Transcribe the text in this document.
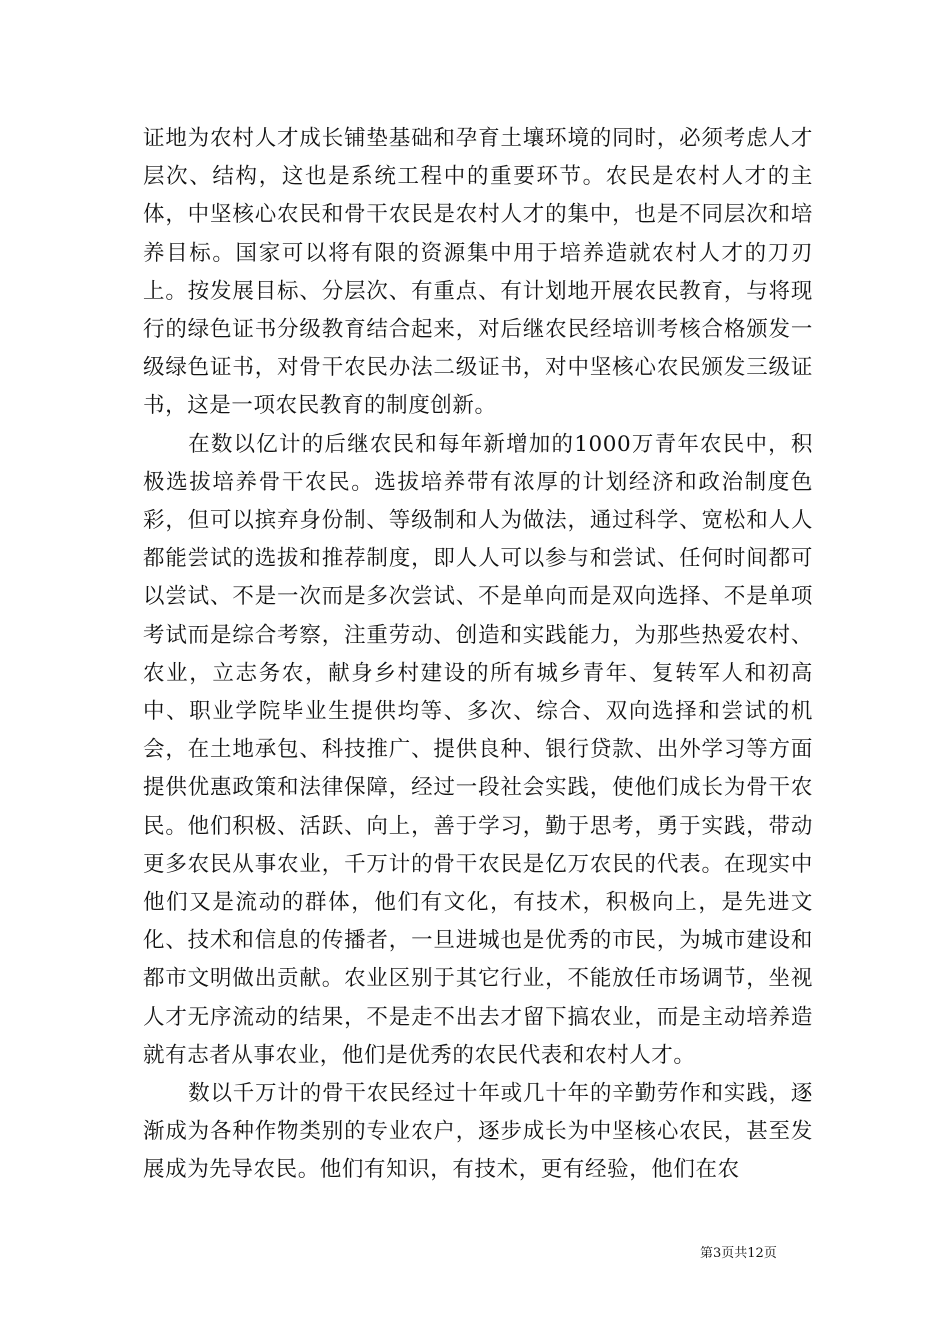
证地为农村人才成长铺垫基础和孕育土壤环境的同时，必须考虑人才层次、结构，这也是系统工程中的重要环节。农民是农村人才的主体，中坚核心农民和骨干农民是农村人才的集中，也是不同层次和培养目标。国家可以将有限的资源集中用于培养造就农村人才的刀刃上。按发展目标、分层次、有重点、有计划地开展农民教育，与将现行的绿色证书分级教育结合起来，对后继农民经培训考核合格颁发一级绿色证书，对骨干农民办法二级证书，对中坚核心农民颁发三级证书，这是一项农民教育的制度创新。

在数以亿计的后继农民和每年新增加的1000万青年农民中，积极选拔培养骨干农民。选拔培养带有浓厚的计划经济和政治制度色彩，但可以摈弃身份制、等级制和人为做法，通过科学、宽松和人人都能尝试的选拔和推荐制度，即人人可以参与和尝试、任何时间都可以尝试、不是一次而是多次尝试、不是单向而是双向选择、不是单项考试而是综合考察，注重劳动、创造和实践能力，为那些热爱农村、农业，立志务农，献身乡村建设的所有城乡青年、复转军人和初高中、职业学院毕业生提供均等、多次、综合、双向选择和尝试的机会，在土地承包、科技推广、提供良种、银行贷款、出外学习等方面提供优惠政策和法律保障，经过一段社会实践，使他们成长为骨干农民。他们积极、活跃、向上，善于学习，勤于思考，勇于实践，带动更多农民从事农业，千万计的骨干农民是亿万农民的代表。在现实中他们又是流动的群体，他们有文化，有技术，积极向上，是先进文化、技术和信息的传播者，一旦进城也是优秀的市民，为城市建设和都市文明做出贡献。农业区别于其它行业，不能放任市场调节，坐视人才无序流动的结果，不是走不出去才留下搞农业，而是主动培养造就有志者从事农业，他们是优秀的农民代表和农村人才。

数以千万计的骨干农民经过十年或几十年的辛勤劳作和实践，逐渐成为各种作物类别的专业农户，逐步成长为中坚核心农民，甚至发展成为先导农民。他们有知识，有技术，更有经验，他们在农

第3页共12页
